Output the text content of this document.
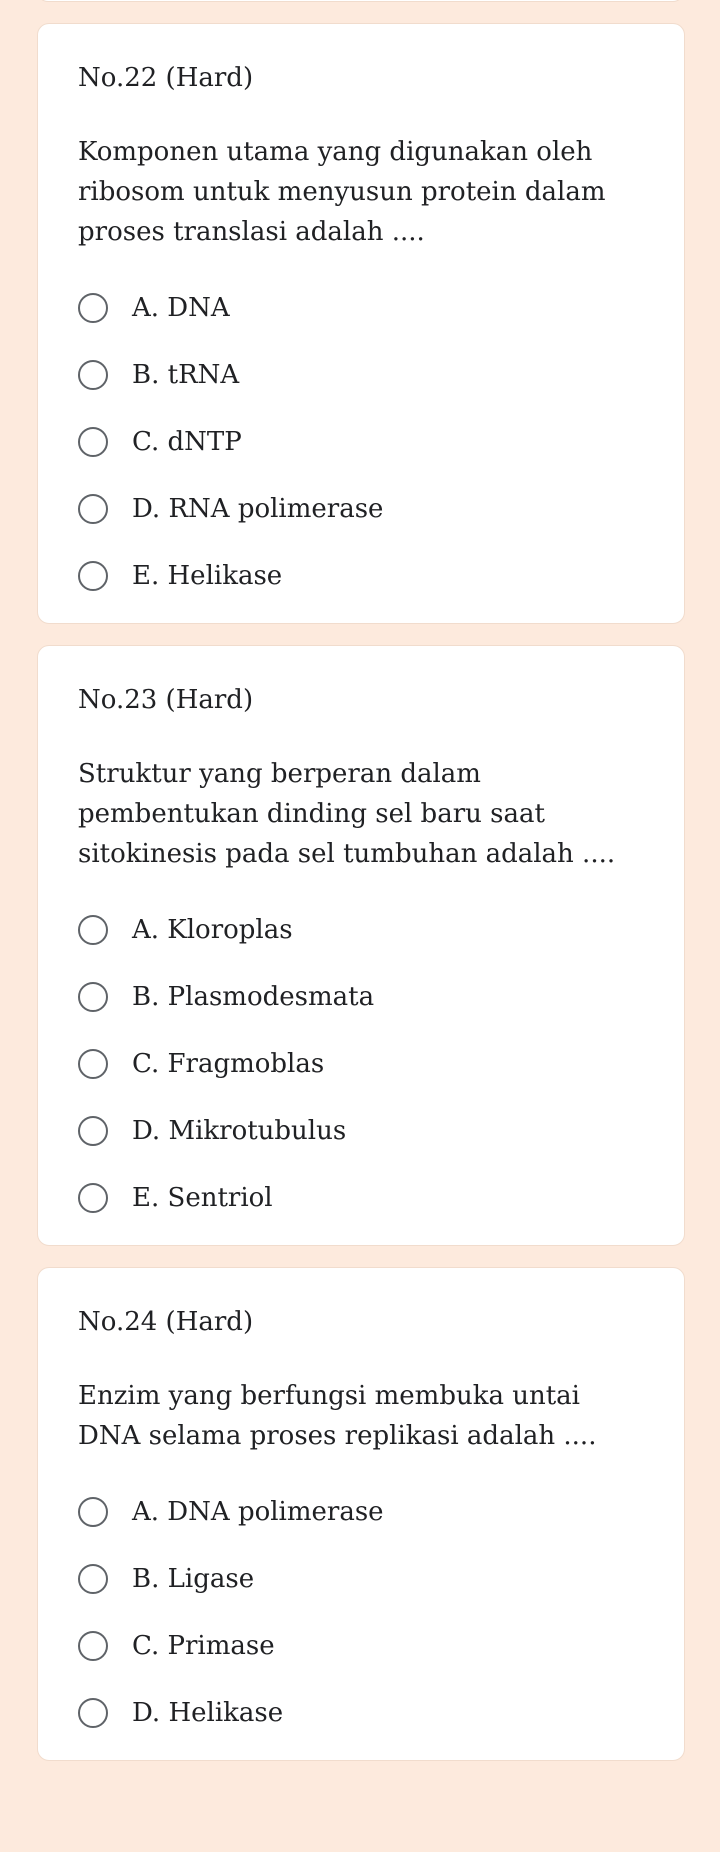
No.22 (Hard)
Komponen utama yang digunakan oleh ribosom untuk menyusun protein dalam proses translasi adalah ....
A. DNA
B. tRNA
C. dNTP
D. RNA polimerase
E. Helikase
No.23 (Hard)
Struktur yang berperan dalam pembentukan dinding sel baru saat sitokinesis pada sel tumbuhan adalah ....
A. Kloroplas
B. Plasmodesmata
C. Fragmoblas
D. Mikrotubulus
E. Sentriol
No.24 (Hard)
Enzim yang berfungsi membuka untai DNA selama proses replikasi adalah ....
A. DNA polimerase
B. Ligase
C. Primase
D. Helikase
